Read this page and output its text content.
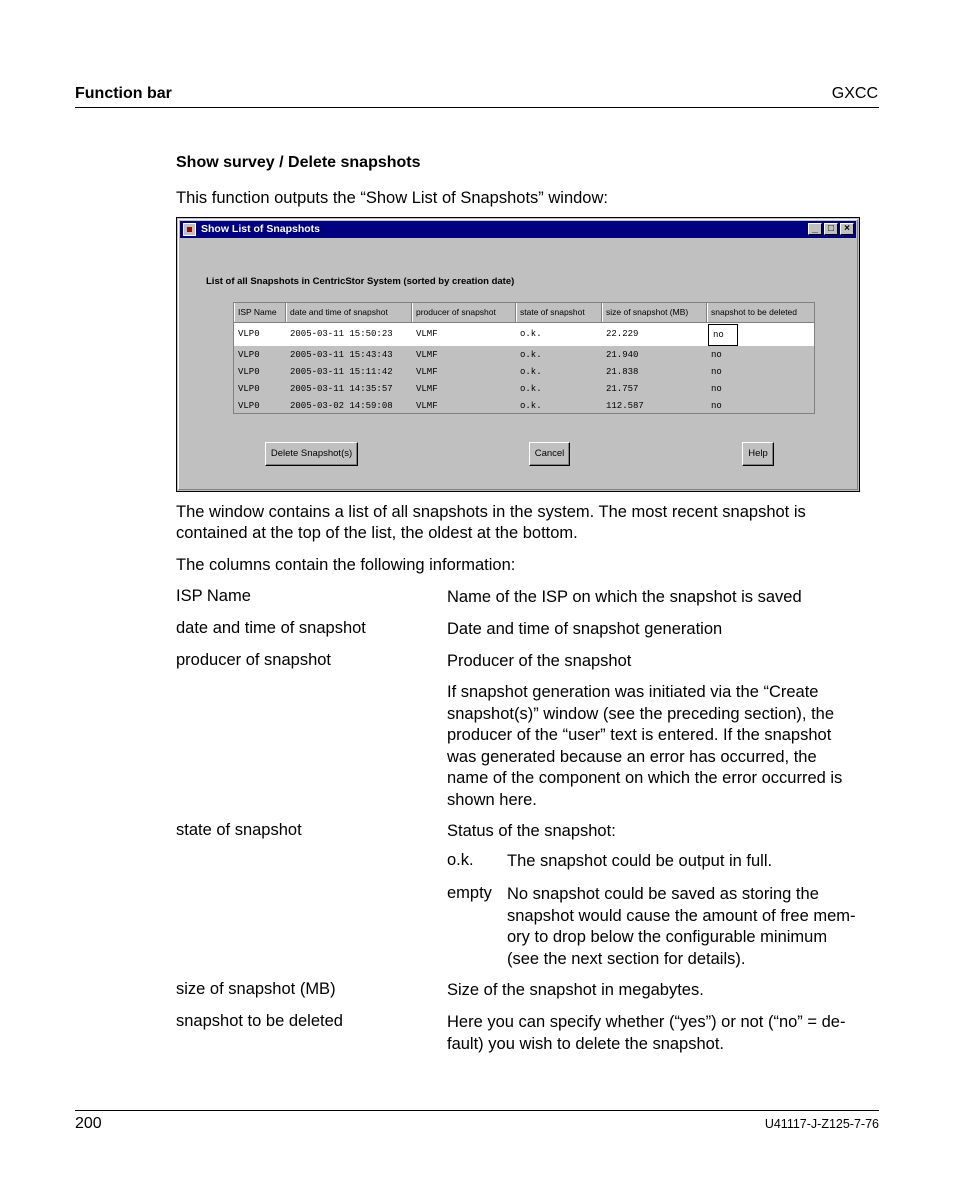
Function bar	GXCC
Show survey / Delete snapshots
This function outputs the “Show List of Snapshots” window:
Show List of Snapshots	_	□	×
List of all Snapshots in CentricStor System (sorted by creation date)
ISP Name	date and time of snapshot	producer of snapshot	state of snapshot	size of snapshot (MB)	snapshot to be deleted
VLP0	2005-03-11 15:50:23	VLMF	o.k.	22.229	no
VLP0	2005-03-11 15:43:43	VLMF	o.k.	21.940	no
VLP0	2005-03-11 15:11:42	VLMF	o.k.	21.838	no
VLP0	2005-03-11 14:35:57	VLMF	o.k.	21.757	no
VLP0	2005-03-02 14:59:08	VLMF	o.k.	112.587	no
Delete Snapshot(s)	Cancel	Help
The window contains a list of all snapshots in the system. The most recent snapshot is
contained at the top of the list, the oldest at the bottom.
The columns contain the following information:
ISP Name	Name of the ISP on which the snapshot is saved
date and time of snapshot	Date and time of snapshot generation
producer of snapshot	Producer of the snapshot
If snapshot generation was initiated via the “Create
snapshot(s)” window (see the preceding section), the
producer of the “user” text is entered. If the snapshot
was generated because an error has occurred, the
name of the component on which the error occurred is
shown here.
state of snapshot	Status of the snapshot:
o.k. The snapshot could be output in full.
empty No snapshot could be saved as storing the
snapshot would cause the amount of free mem-
ory to drop below the configurable minimum
(see the next section for details).
size of snapshot (MB)	Size of the snapshot in megabytes.
snapshot to be deleted	Here you can specify whether (“yes”) or not (“no” = de-
fault) you wish to delete the snapshot.
200	U41117-J-Z125-7-76
